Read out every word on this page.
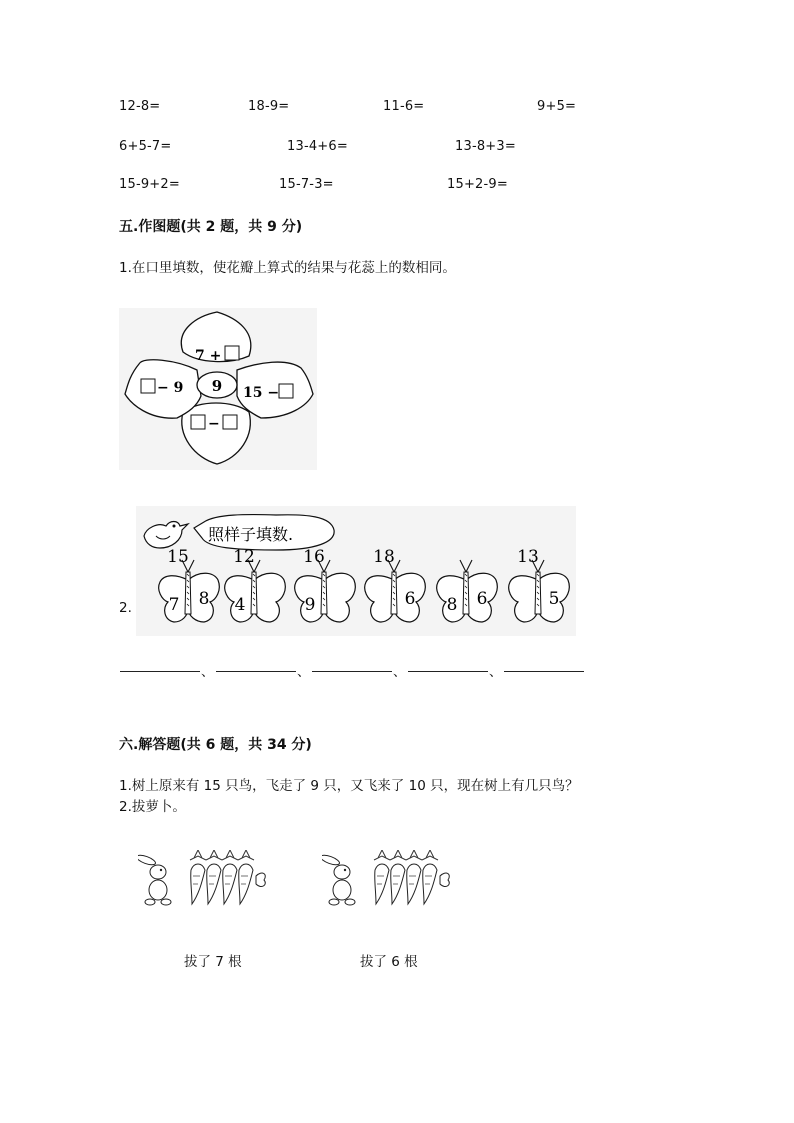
12-8=	18-9=	11-6=	9+5=
6+5-7=	13-4+6=	13-8+3=
15-9+2=	15-7-3=	15+2-9=
五.作图题(共 2 题，共 9 分)
1.在口里填数，使花瓣上算式的结果与花蕊上的数相同。
9
7 +
− 9	15 −
−
2.
照样子填数.
15
7 8
12
4
16
9
18
6 8 6
13
5
、	、	、	、
六.解答题(共 6 题，共 34 分)
1.树上原来有 15 只鸟，飞走了 9 只，又飞来了 10 只，现在树上有几只鸟？
2.拔萝卜。
拔了 7 根	拔了 6 根
